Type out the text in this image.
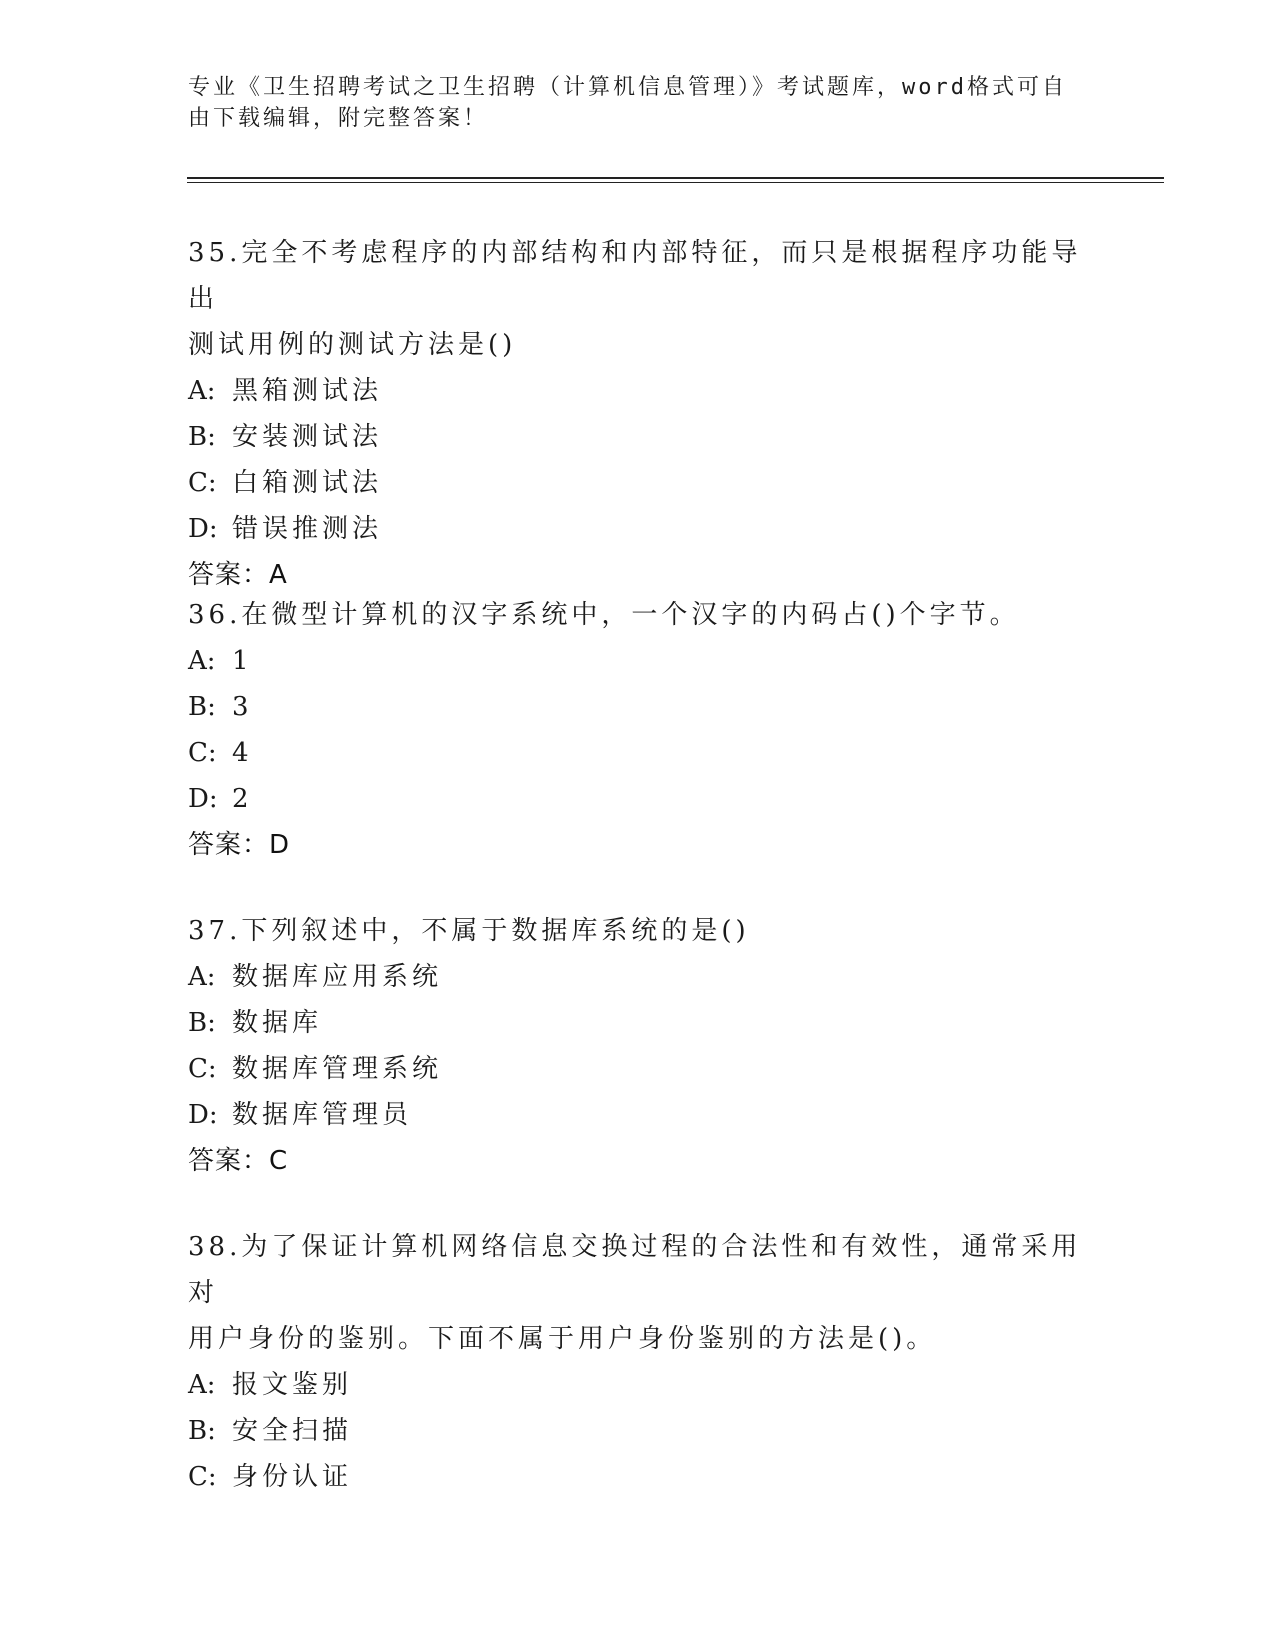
专业《卫生招聘考试之卫生招聘（计算机信息管理）》考试题库，word格式可自
由下载编辑，附完整答案！

35.完全不考虑程序的内部结构和内部特征，而只是根据程序功能导出

测试用例的测试方法是()

A: 黑箱测试法
B: 安装测试法
C: 白箱测试法
D: 错误推测法

答案：A

36.在微型计算机的汉字系统中，一个汉字的内码占()个字节。

A: 1
B: 3
C: 4
D: 2

答案：D

37.下列叙述中，不属于数据库系统的是()

A: 数据库应用系统
B: 数据库
C: 数据库管理系统
D: 数据库管理员

答案：C

38.为了保证计算机网络信息交换过程的合法性和有效性，通常采用对

用户身份的鉴别。下面不属于用户身份鉴别的方法是()。

A: 报文鉴别
B: 安全扫描
C: 身份认证
